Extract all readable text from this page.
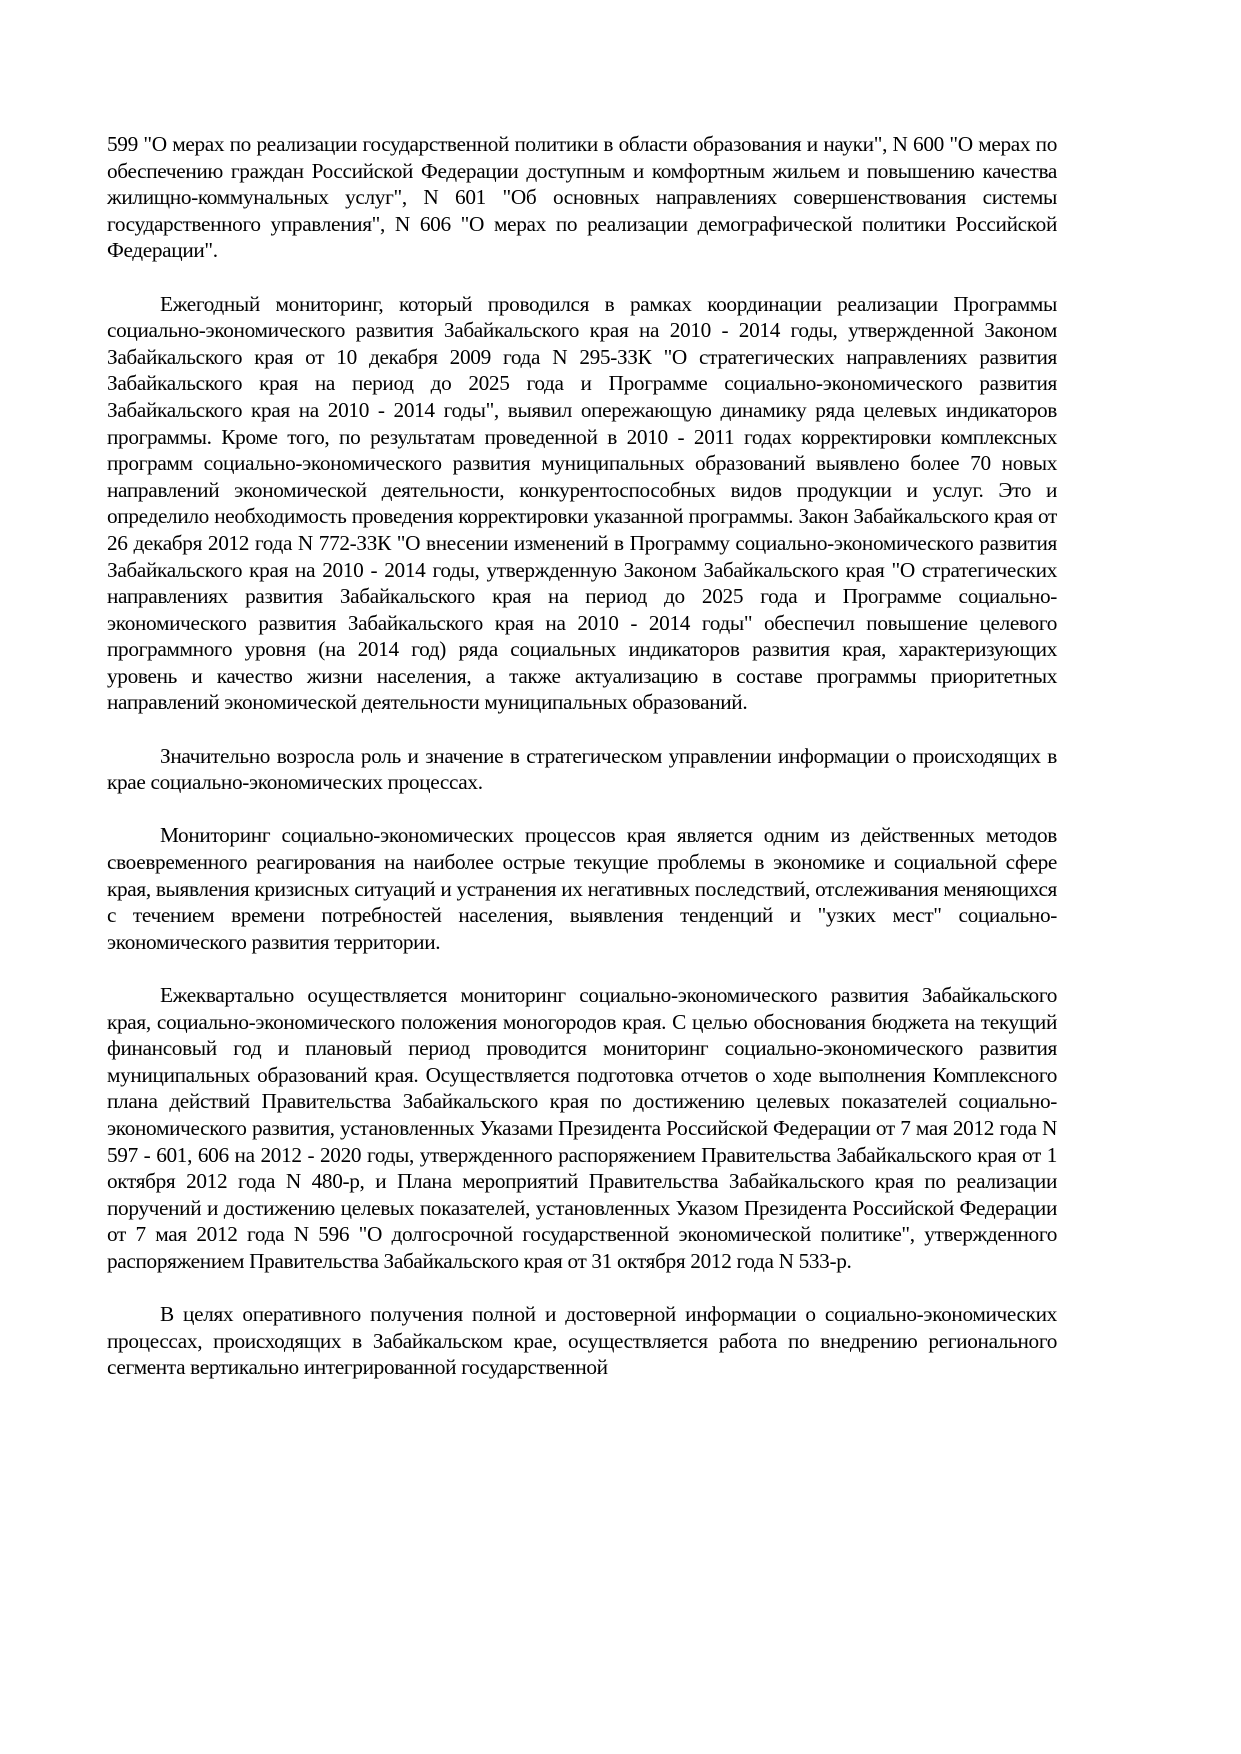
599 "О мерах по реализации государственной политики в области образования и науки", N 600 "О мерах по обеспечению граждан Российской Федерации доступным и комфортным жильем и повышению качества жилищно-коммунальных услуг", N 601 "Об основных направлениях совершенствования системы государственного управления", N 606 "О мерах по реализации демографической политики Российской Федерации".

Ежегодный мониторинг, который проводился в рамках координации реализации Программы социально-экономического развития Забайкальского края на 2010 - 2014 годы, утвержденной Законом Забайкальского края от 10 декабря 2009 года N 295-ЗЗК "О стратегических направлениях развития Забайкальского края на период до 2025 года и Программе социально-экономического развития Забайкальского края на 2010 - 2014 годы", выявил опережающую динамику ряда целевых индикаторов программы. Кроме того, по результатам проведенной в 2010 - 2011 годах корректировки комплексных программ социально-экономического развития муниципальных образований выявлено более 70 новых направлений экономической деятельности, конкурентоспособных видов продукции и услуг. Это и определило необходимость проведения корректировки указанной программы. Закон Забайкальского края от 26 декабря 2012 года N 772-ЗЗК "О внесении изменений в Программу социально-экономического развития Забайкальского края на 2010 - 2014 годы, утвержденную Законом Забайкальского края "О стратегических направлениях развития Забайкальского края на период до 2025 года и Программе социально-экономического развития Забайкальского края на 2010 - 2014 годы" обеспечил повышение целевого программного уровня (на 2014 год) ряда социальных индикаторов развития края, характеризующих уровень и качество жизни населения, а также актуализацию в составе программы приоритетных направлений экономической деятельности муниципальных образований.

Значительно возросла роль и значение в стратегическом управлении информации о происходящих в крае социально-экономических процессах.

Мониторинг социально-экономических процессов края является одним из действенных методов своевременного реагирования на наиболее острые текущие проблемы в экономике и социальной сфере края, выявления кризисных ситуаций и устранения их негативных последствий, отслеживания меняющихся с течением времени потребностей населения, выявления тенденций и "узких мест" социально-экономического развития территории.

Ежеквартально осуществляется мониторинг социально-экономического развития Забайкальского края, социально-экономического положения моногородов края. С целью обоснования бюджета на текущий финансовый год и плановый период проводится мониторинг социально-экономического развития муниципальных образований края. Осуществляется подготовка отчетов о ходе выполнения Комплексного плана действий Правительства Забайкальского края по достижению целевых показателей социально-экономического развития, установленных Указами Президента Российской Федерации от 7 мая 2012 года N 597 - 601, 606 на 2012 - 2020 годы, утвержденного распоряжением Правительства Забайкальского края от 1 октября 2012 года N 480-р, и Плана мероприятий Правительства Забайкальского края по реализации поручений и достижению целевых показателей, установленных Указом Президента Российской Федерации от 7 мая 2012 года N 596 "О долгосрочной государственной экономической политике", утвержденного распоряжением Правительства Забайкальского края от 31 октября 2012 года N 533-р.

В целях оперативного получения полной и достоверной информации о социально-экономических процессах, происходящих в Забайкальском крае, осуществляется работа по внедрению регионального сегмента вертикально интегрированной государственной
